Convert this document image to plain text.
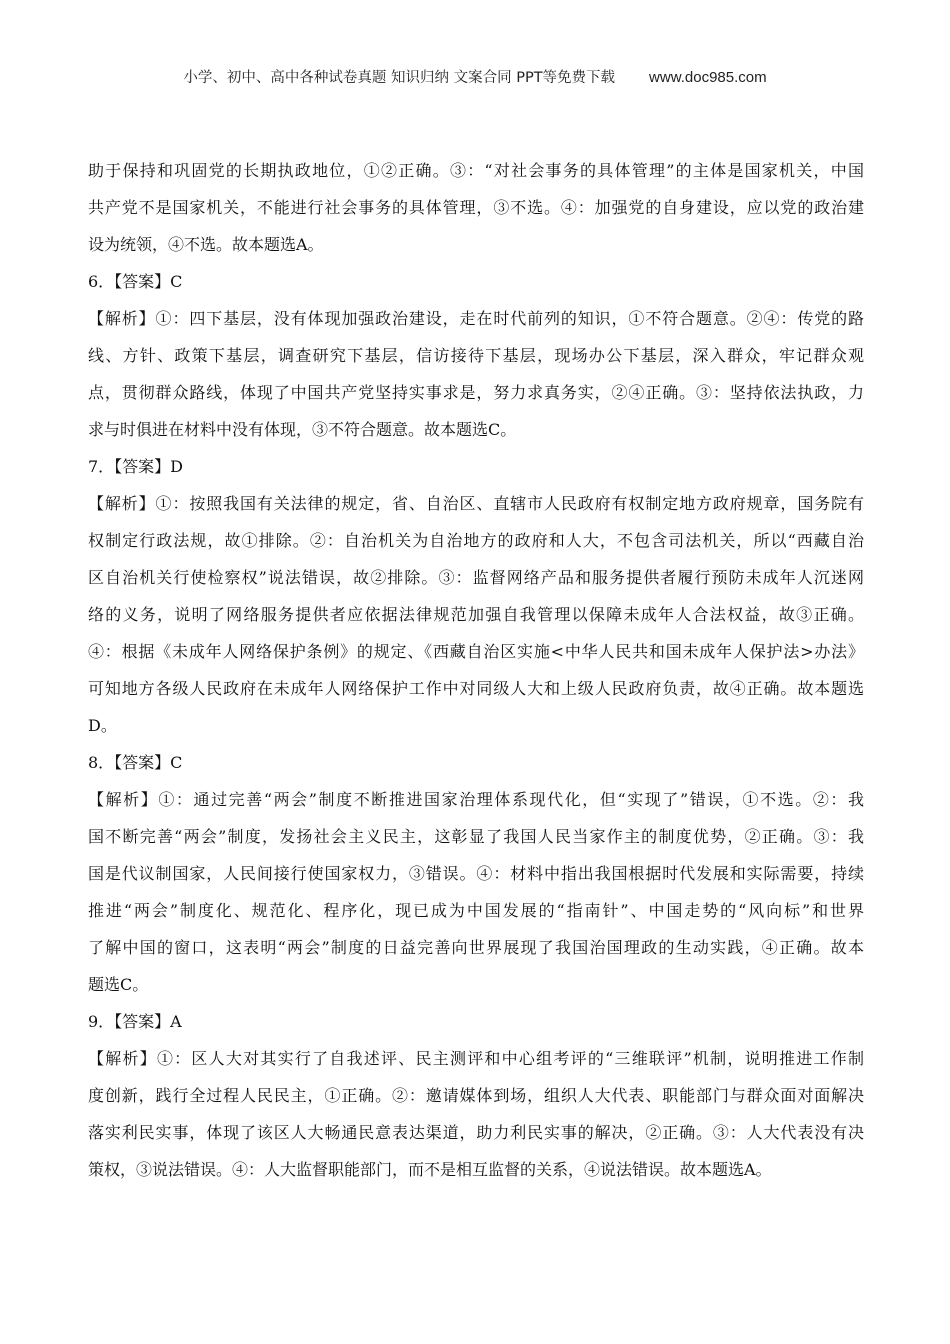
小学、初中、高中各种试卷真题 知识归纳 文案合同 PPT等免费下载 www.doc985.com
助于保持和巩固党的长期执政地位，①②正确。③：“对社会事务的具体管理”的主体是国家机关，中国
共产党不是国家机关，不能进行社会事务的具体管理，③不选。④：加强党的自身建设，应以党的政治建
设为统领，④不选。故本题选A。
6．【答案】C
【解析】①：四下基层，没有体现加强政治建设，走在时代前列的知识，①不符合题意。②④：传党的路
线、方针、政策下基层，调查研究下基层，信访接待下基层，现场办公下基层，深入群众，牢记群众观
点，贯彻群众路线，体现了中国共产党坚持实事求是，努力求真务实，②④正确。③：坚持依法执政，力
求与时俱进在材料中没有体现，③不符合题意。故本题选C。
7．【答案】D
【解析】①：按照我国有关法律的规定，省、自治区、直辖市人民政府有权制定地方政府规章，国务院有
权制定行政法规，故①排除。②：自治机关为自治地方的政府和人大，不包含司法机关，所以“西藏自治
区自治机关行使检察权”说法错误，故②排除。③：监督网络产品和服务提供者履行预防未成年人沉迷网
络的义务，说明了网络服务提供者应依据法律规范加强自我管理以保障未成年人合法权益，故③正确。
④：根据《未成年人网络保护条例》的规定、《西藏自治区实施<中华人民共和国未成年人保护法>办法》
可知地方各级人民政府在未成年人网络保护工作中对同级人大和上级人民政府负责，故④正确。故本题选
D。
8．【答案】C
【解析】①：通过完善“两会”制度不断推进国家治理体系现代化，但“实现了”错误，①不选。②：我
国不断完善“两会”制度，发扬社会主义民主，这彰显了我国人民当家作主的制度优势，②正确。③：我
国是代议制国家，人民间接行使国家权力，③错误。④：材料中指出我国根据时代发展和实际需要，持续
推进“两会”制度化、规范化、程序化，现已成为中国发展的“指南针”、中国走势的“风向标”和世界
了解中国的窗口，这表明“两会”制度的日益完善向世界展现了我国治国理政的生动实践，④正确。故本
题选C。
9．【答案】A
【解析】①：区人大对其实行了自我述评、民主测评和中心组考评的“三维联评”机制，说明推进工作制
度创新，践行全过程人民民主，①正确。②：邀请媒体到场，组织人大代表、职能部门与群众面对面解决
落实利民实事，体现了该区人大畅通民意表达渠道，助力利民实事的解决，②正确。③：人大代表没有决
策权，③说法错误。④：人大监督职能部门，而不是相互监督的关系，④说法错误。故本题选A。
